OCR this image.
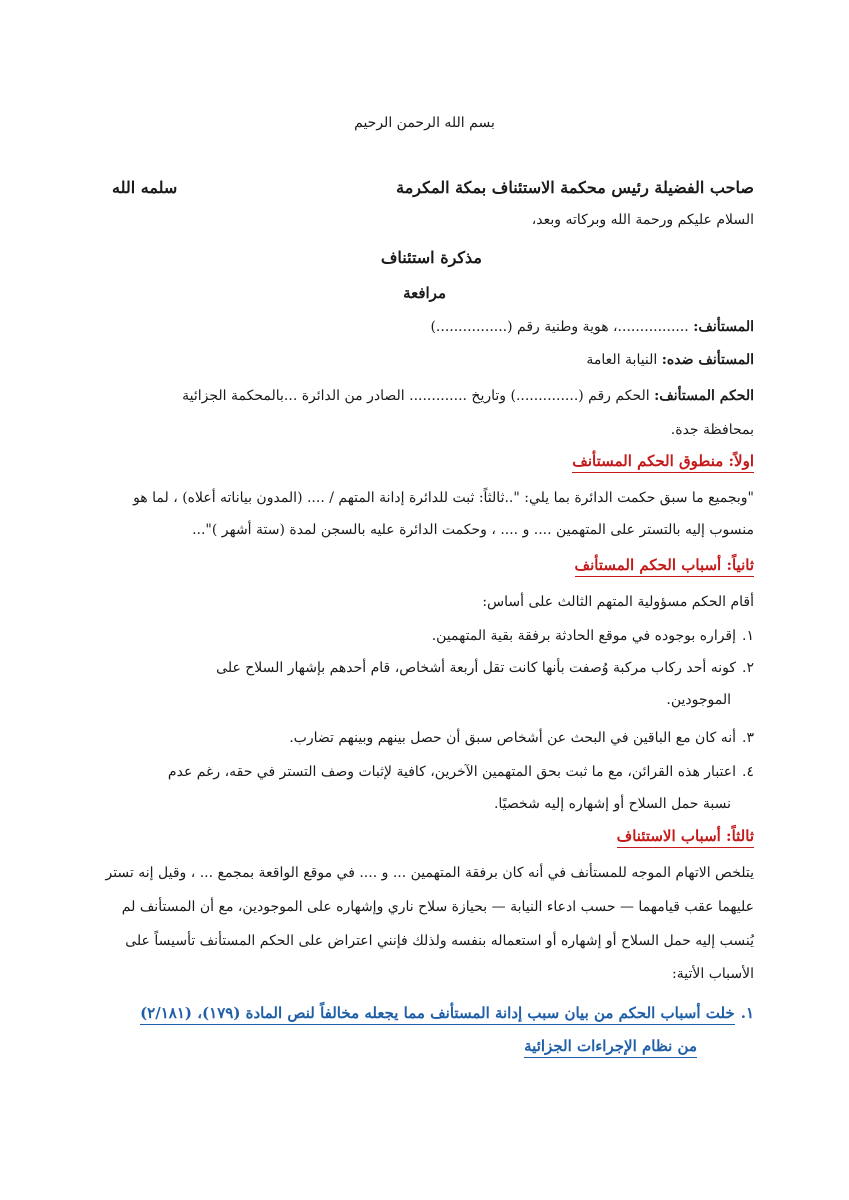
بسم الله الرحمن الرحيم
صاحب الفضيلة رئيس محكمة الاستئناف بمكة المكرمة
سلمه الله
السلام عليكم ورحمة الله وبركاته وبعد،
مذكرة استئناف
مرافعة
المستأنف: ................، هوية وطنية رقم (................)
المستأنف ضده: النيابة العامة
الحكم المستأنف: الحكم رقم (..............) وتاريخ ............. الصادر من الدائرة ...بالمحكمة الجزائية
بمحافظة جدة.
اولاً: منطوق الحكم المستأنف
"وبجميع ما سبق حكمت الدائرة بما يلي: "..ثالثاً: ثبت للدائرة إدانة المتهم / .... (المدون بياناته أعلاه) ، لما هو
منسوب إليه بالتستر على المتهمين .... و .... ، وحكمت الدائرة عليه بالسجن لمدة (ستة أشهر )"...
ثانياً: أسباب الحكم المستأنف
أقام الحكم مسؤولية المتهم الثالث على أساس:
١.إقراره بوجوده في موقع الحادثة برفقة بقية المتهمين.
٢.كونه أحد ركاب مركبة وُصفت بأنها كانت تقل أربعة أشخاص، قام أحدهم بإشهار السلاح على
الموجودين.
٣.أنه كان مع الباقين في البحث عن أشخاص سبق أن حصل بينهم وبينهم تضارب.
٤.اعتبار هذه القرائن، مع ما ثبت بحق المتهمين الآخرين، كافية لإثبات وصف التستر في حقه، رغم عدم
نسبة حمل السلاح أو إشهاره إليه شخصيًا.
ثالثاً: أسباب الاستئناف
يتلخص الاتهام الموجه للمستأنف في أنه كان برفقة المتهمين ... و .... في موقع الواقعة بمجمع ... ، وقيل إنه تستر
عليهما عقب قيامهما — حسب ادعاء النيابة — بحيازة سلاح ناري وإشهاره على الموجودين، مع أن المستأنف لم
يُنسب إليه حمل السلاح أو إشهاره أو استعماله بنفسه ولذلك فإنني اعتراض على الحكم المستأنف تأسيساً على
الأسباب الأتية:
١.خلت أسباب الحكم من بيان سبب إدانة المستأنف مما يجعله مخالفاً لنص المادة (١٧٩)، (٢/١٨١)
من نظام الإجراءات الجزائية
